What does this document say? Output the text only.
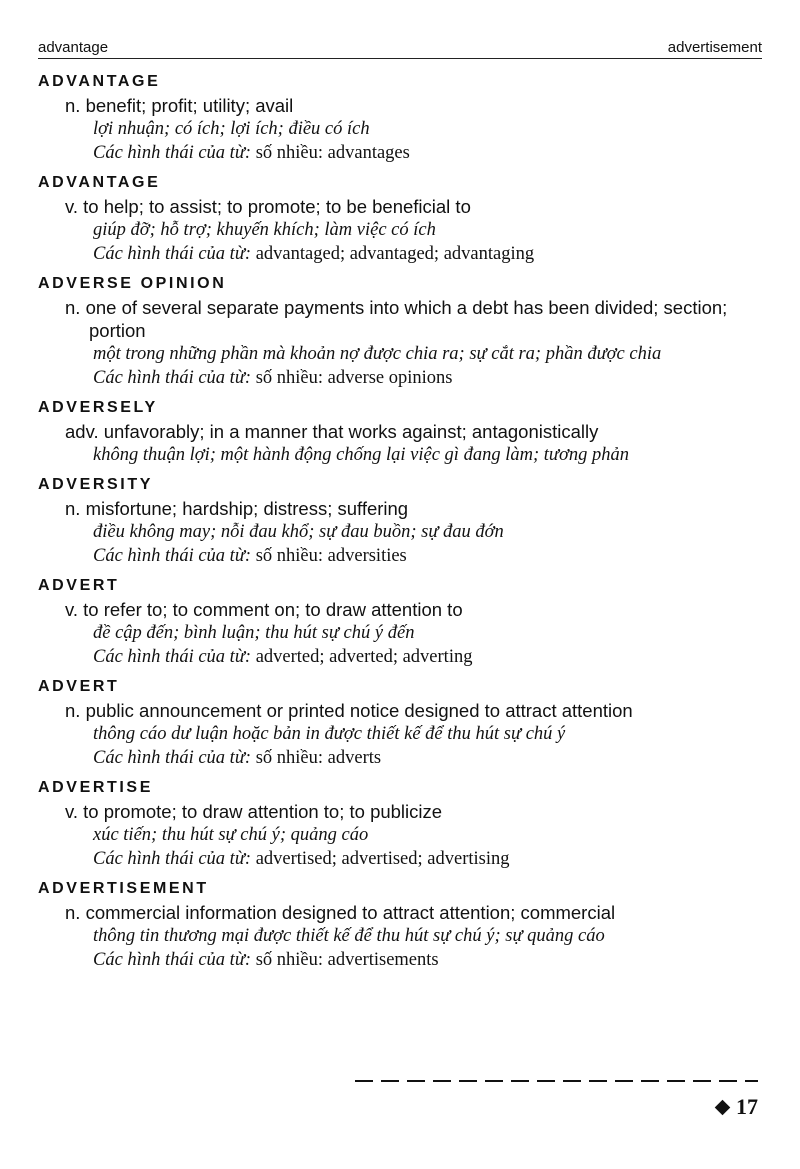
advantage	advertisement
ADVANTAGE
n. benefit; profit; utility; avail
lợi nhuận; có ích; lợi ích; điều có ích
Các hình thái của từ: số nhiều: advantages
ADVANTAGE
v. to help; to assist; to promote; to be beneficial to
giúp đỡ; hỗ trợ; khuyến khích; làm việc có ích
Các hình thái của từ: advantaged; advantaged; advantaging
ADVERSE OPINION
n. one of several separate payments into which a debt has been divided; section; portion
một trong những phần mà khoản nợ được chia ra; sự cắt ra; phần được chia
Các hình thái của từ: số nhiều: adverse opinions
ADVERSELY
adv. unfavorably; in a manner that works against; antagonistically
không thuận lợi; một hành động chống lại việc gì đang làm; tương phản
ADVERSITY
n. misfortune; hardship; distress; suffering
điều không may; nỗi đau khổ; sự đau buồn; sự đau đớn
Các hình thái của từ: số nhiều: adversities
ADVERT
v. to refer to; to comment on; to draw attention to
đề cập đến; bình luận; thu hút sự chú ý đến
Các hình thái của từ: adverted; adverted; adverting
ADVERT
n. public announcement or printed notice designed to attract attention
thông cáo dư luận hoặc bản in được thiết kế để thu hút sự chú ý
Các hình thái của từ: số nhiều: adverts
ADVERTISE
v. to promote; to draw attention to; to publicize
xúc tiến; thu hút sự chú ý; quảng cáo
Các hình thái của từ: advertised; advertised; advertising
ADVERTISEMENT
n. commercial information designed to attract attention; commercial
thông tin thương mại được thiết kế để thu hút sự chú ý; sự quảng cáo
Các hình thái của từ: số nhiều: advertisements
17
